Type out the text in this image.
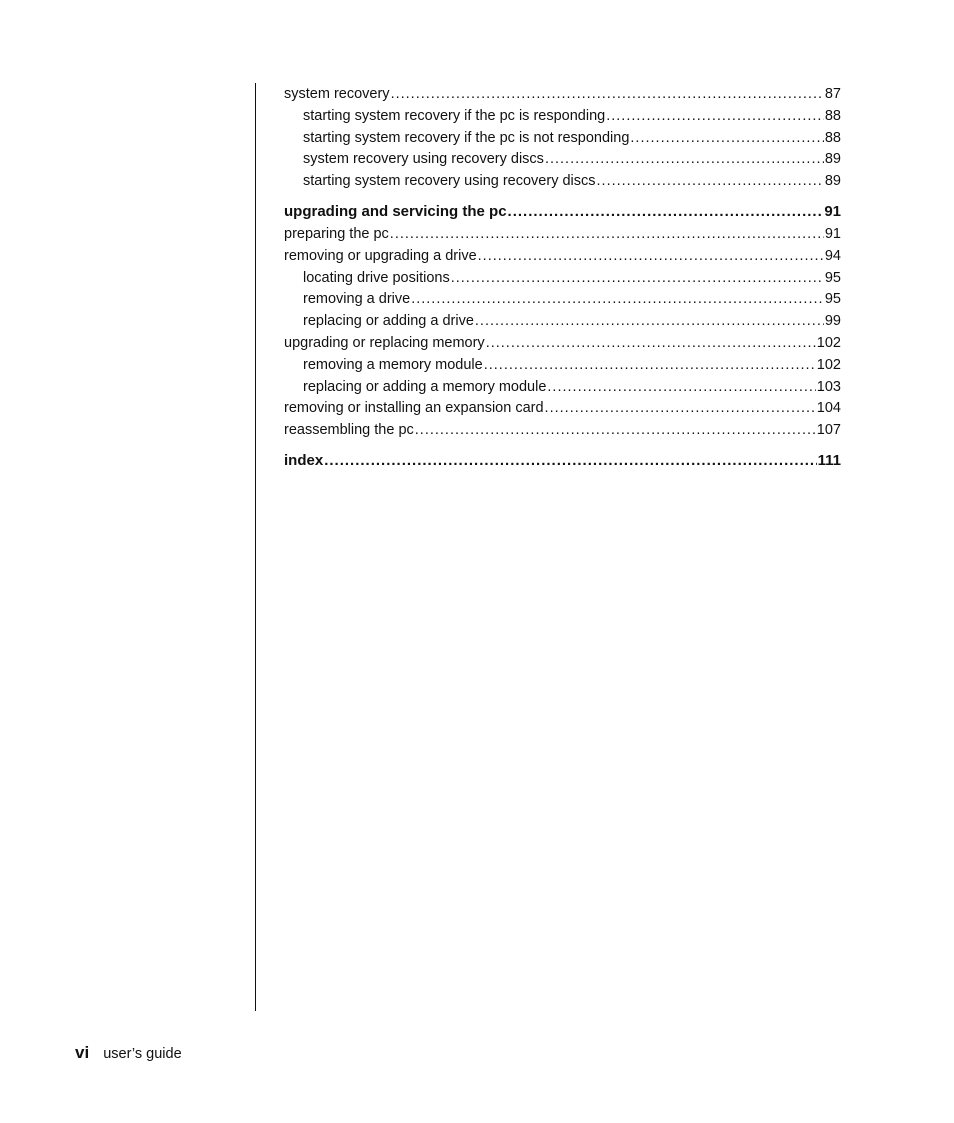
system recovery .....	87
starting system recovery if the pc is responding .....	88
starting system recovery if the pc is not responding .....	88
system recovery using recovery discs .....	89
starting system recovery using recovery discs .....	89
upgrading and servicing the pc .....	91
preparing the pc .....	91
removing or upgrading a drive .....	94
locating drive positions .....	95
removing a drive .....	95
replacing or adding a drive .....	99
upgrading or replacing memory .....	102
removing a memory module .....	102
replacing or adding a memory module .....	103
removing or installing an expansion card .....	104
reassembling the pc .....	107
index .....	111
vi user’s guide
